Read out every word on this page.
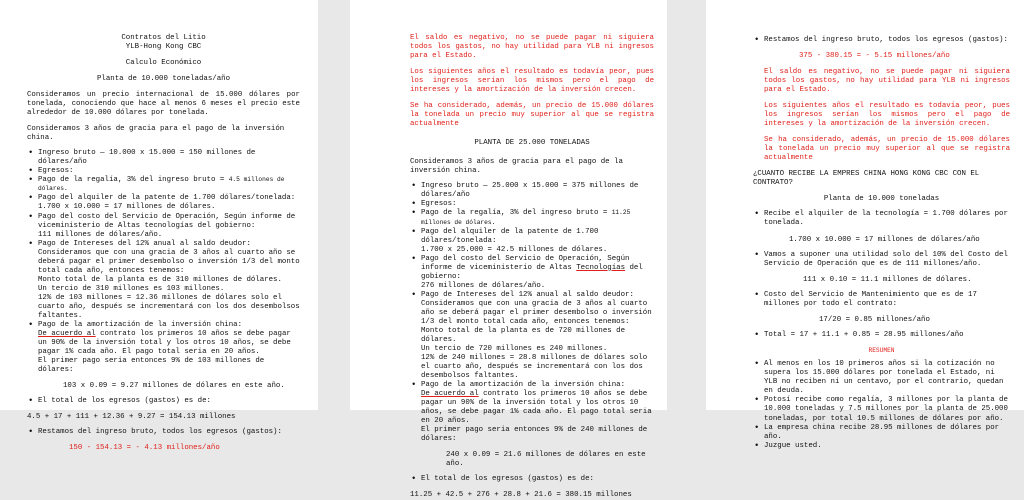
Contratos del Litio

YLB-Hong Kong CBC

Calculo Económico

Planta de 10.000 toneladas/año

Consideramos un precio internacional de 15.000 dólares por tonelada, conociendo que hace al menos 6 meses el precio este alrededor de 10.000 dólares por tonelada.

Consideramos 3 años de gracia para el pago de la inversión china.

• Ingreso bruto — 10.000 x 15.000 = 150 millones de dólares/año
• Egresos:
• Pago de la regalía, 3% del ingreso bruto = 4.5 millones de dólares.
• Pago del alquiler de la patente de 1.700 dólares/tonelada:
1.700 x 10.000 = 17 millones de dólares.
• Pago del costo del Servicio de Operación, Según informe de viceministerio de Altas tecnologías del gobierno:
111 millones de dólares/año.
• Pago de Intereses del 12% anual al saldo deudor:
Consideramos que con una gracia de 3 años al cuarto año se deberá pagar el primer desembolso o inversión 1/3 del monto total cada año, entonces tenemos:
Monto total de la planta es de 310 millones de dólares.
Un tercio de 310 millones es 103 millones.
12% de 103 millones = 12.36 millones de dólares solo el cuarto año, después se incrementará con los dos desembolsos faltantes.
• Pago de la amortización de la inversión china:
De acuerdo al contrato los primeros 10 años se debe pagar un 90% de la inversión total y los otros 10 años, se debe pagar 1% cada año. El pago total seria en 20 años.
El primer pago seria entonces 9% de 103 millones de dólares:

103 x 0.09 = 9.27 millones de dólares en este año.

• El total de los egresos (gastos) es de:

4.5 + 17 + 111 + 12.36 + 9.27 = 154.13 millones

• Restamos del ingreso bruto, todos los egresos (gastos):

150 - 154.13 = - 4.13 millones/año

El saldo es negativo, no se puede pagar ni siguiera todos los gastos, no hay utilidad para YLB ni ingresos para el Estado.

Los siguientes años el resultado es todavía peor, pues los ingresos serían los mismos pero el pago de intereses y la amortización de la inversión crecen.

Se ha considerado, además, un precio de 15.000 dólares la tonelada un precio muy superior al que se registra actualmente

PLANTA DE 25.000 TONELADAS

Consideramos 3 años de gracia para el pago de la inversión china.

• Ingreso bruto — 25.000 x 15.000 = 375 millones de dólares/año
• Egresos:
• Pago de la regalía, 3% del ingreso bruto = 11.25 millones de dólares.
• Pago del alquiler de la patente de 1.700 dólares/tonelada:
1.700 x 25.000 = 42.5 millones de dólares.
• Pago del costo del Servicio de Operación, Según informe de viceministerio de Altas Tecnologías del gobierno:
276 millones de dólares/año.
• Pago de Intereses del 12% anual al saldo deudor:
Consideramos que con una gracia de 3 años al cuarto año se deberá pagar el primer desembolso o inversión 1/3 del monto total cada año, entonces tenemos:
Monto total de la planta es de 720 millones de dólares.
Un tercio de 720 millones es 240 millones.
12% de 240 millones = 28.8 millones de dólares solo el cuarto año, después se incrementará con los dos desembolsos faltantes.
• Pago de la amortización de la inversión china:
De acuerdo al contrato los primeros 10 años se debe pagar un 90% de la inversión total y los otros 10 años, se debe pagar 1% cada año. El pago total seria en 20 años.
El primer pago seria entonces 9% de 240 millones de dólares:

240 x 0.09 = 21.6 millones de dólares en este año.

• El total de los egresos (gastos) es de:

11.25 + 42.5 + 276 + 28.8 + 21.6 = 380.15 millones

• Restamos del ingreso bruto, todos los egresos (gastos):

375 - 380.15 = - 5.15 millones/año

El saldo es negativo, no se puede pagar ni siguiera todos los gastos, no hay utilidad para YLB ni ingresos para el Estado.

Los siguientes años el resultado es todavía peor, pues los ingresos serían los mismos pero el pago de intereses y la amortización de la inversión crecen.

Se ha considerado, además, un precio de 15.000 dólares la tonelada un precio muy superior al que se registra actualmente

¿CUANTO RECIBE LA EMPRES CHINA HONG KONG CBC CON EL CONTRATO?

Planta de 10.000 toneladas

• Recibe el alquiler de la tecnología = 1.700 dólares por tonelada.

1.700 x 10.000 = 17 millones de dólares/año

• Vamos a suponer una utilidad solo del 10% del Costo del Servicio de Operación que es de 111 millones/año.

111 x 0.10 = 11.1 millones de dólares.

• Costo del Servicio de Mantenimiento que es de 17 millones por todo el contrato:

17/20 = 0.85 millones/año

• Total = 17 + 11.1 + 0.85 = 28.95 millones/año

RESUMEN

• Al menos en los 10 primeros años si la cotización no supera los 15.000 dólares por tonelada el Estado, ni YLB no reciben ni un centavo, por el contrario, quedan en deuda.
• Potosí recibe como regalía, 3 millones por la planta de 10.000 toneladas y 7.5 millones por la planta de 25.000 toneladas, por total 10.5 millones de dólares por año.
• La empresa china recibe 28.95 millones de dólares por año.
• Juzgue usted.
